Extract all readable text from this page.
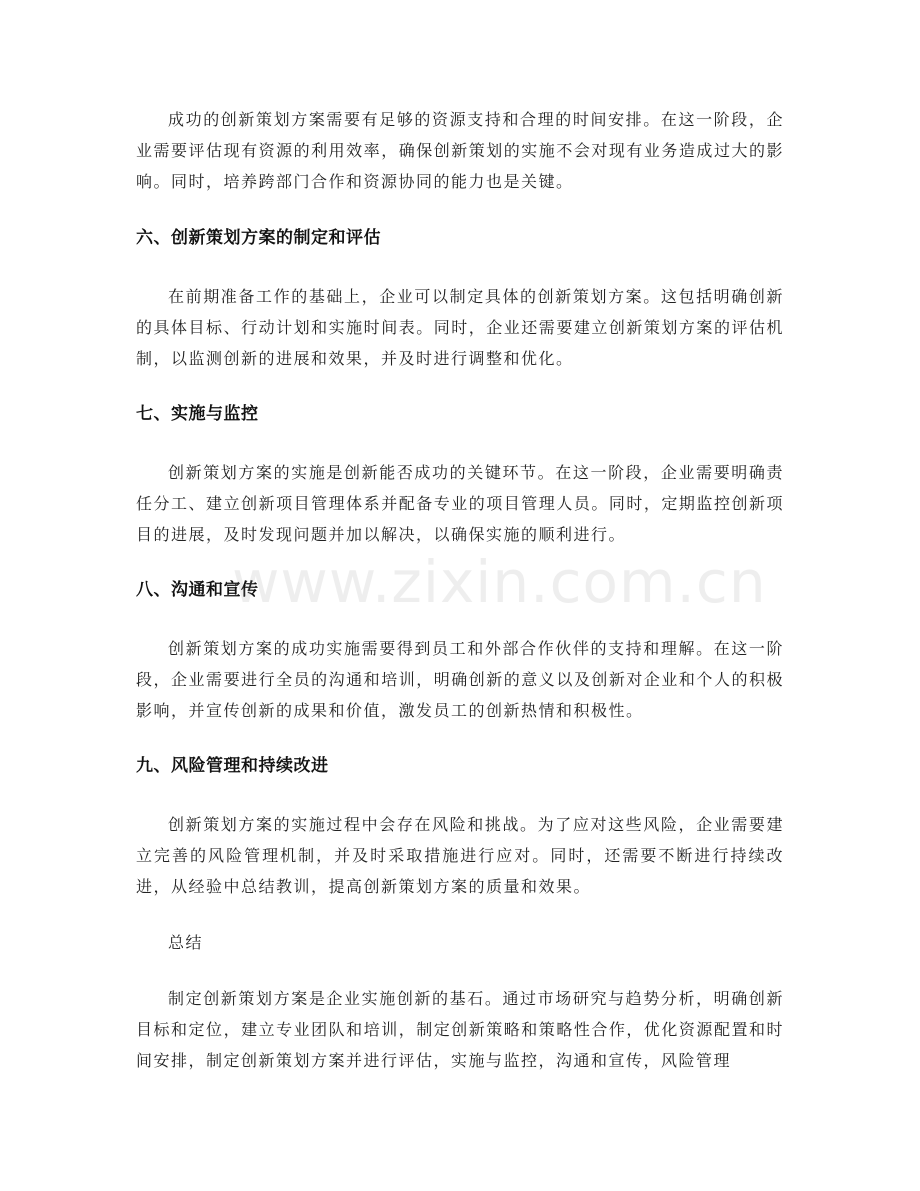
成功的创新策划方案需要有足够的资源支持和合理的时间安排。在这一阶段，企业需要评估现有资源的利用效率，确保创新策划的实施不会对现有业务造成过大的影响。同时，培养跨部门合作和资源协同的能力也是关键。

六、创新策划方案的制定和评估

在前期准备工作的基础上，企业可以制定具体的创新策划方案。这包括明确创新的具体目标、行动计划和实施时间表。同时，企业还需要建立创新策划方案的评估机制，以监测创新的进展和效果，并及时进行调整和优化。

七、实施与监控

创新策划方案的实施是创新能否成功的关键环节。在这一阶段，企业需要明确责任分工、建立创新项目管理体系并配备专业的项目管理人员。同时，定期监控创新项目的进展，及时发现问题并加以解决，以确保实施的顺利进行。

八、沟通和宣传

创新策划方案的成功实施需要得到员工和外部合作伙伴的支持和理解。在这一阶段，企业需要进行全员的沟通和培训，明确创新的意义以及创新对企业和个人的积极影响，并宣传创新的成果和价值，激发员工的创新热情和积极性。

九、风险管理和持续改进

创新策划方案的实施过程中会存在风险和挑战。为了应对这些风险，企业需要建立完善的风险管理机制，并及时采取措施进行应对。同时，还需要不断进行持续改进，从经验中总结教训，提高创新策划方案的质量和效果。

总结

制定创新策划方案是企业实施创新的基石。通过市场研究与趋势分析，明确创新目标和定位，建立专业团队和培训，制定创新策略和策略性合作，优化资源配置和时间安排，制定创新策划方案并进行评估，实施与监控，沟通和宣传，风险管理

www.zixin.com.cn
